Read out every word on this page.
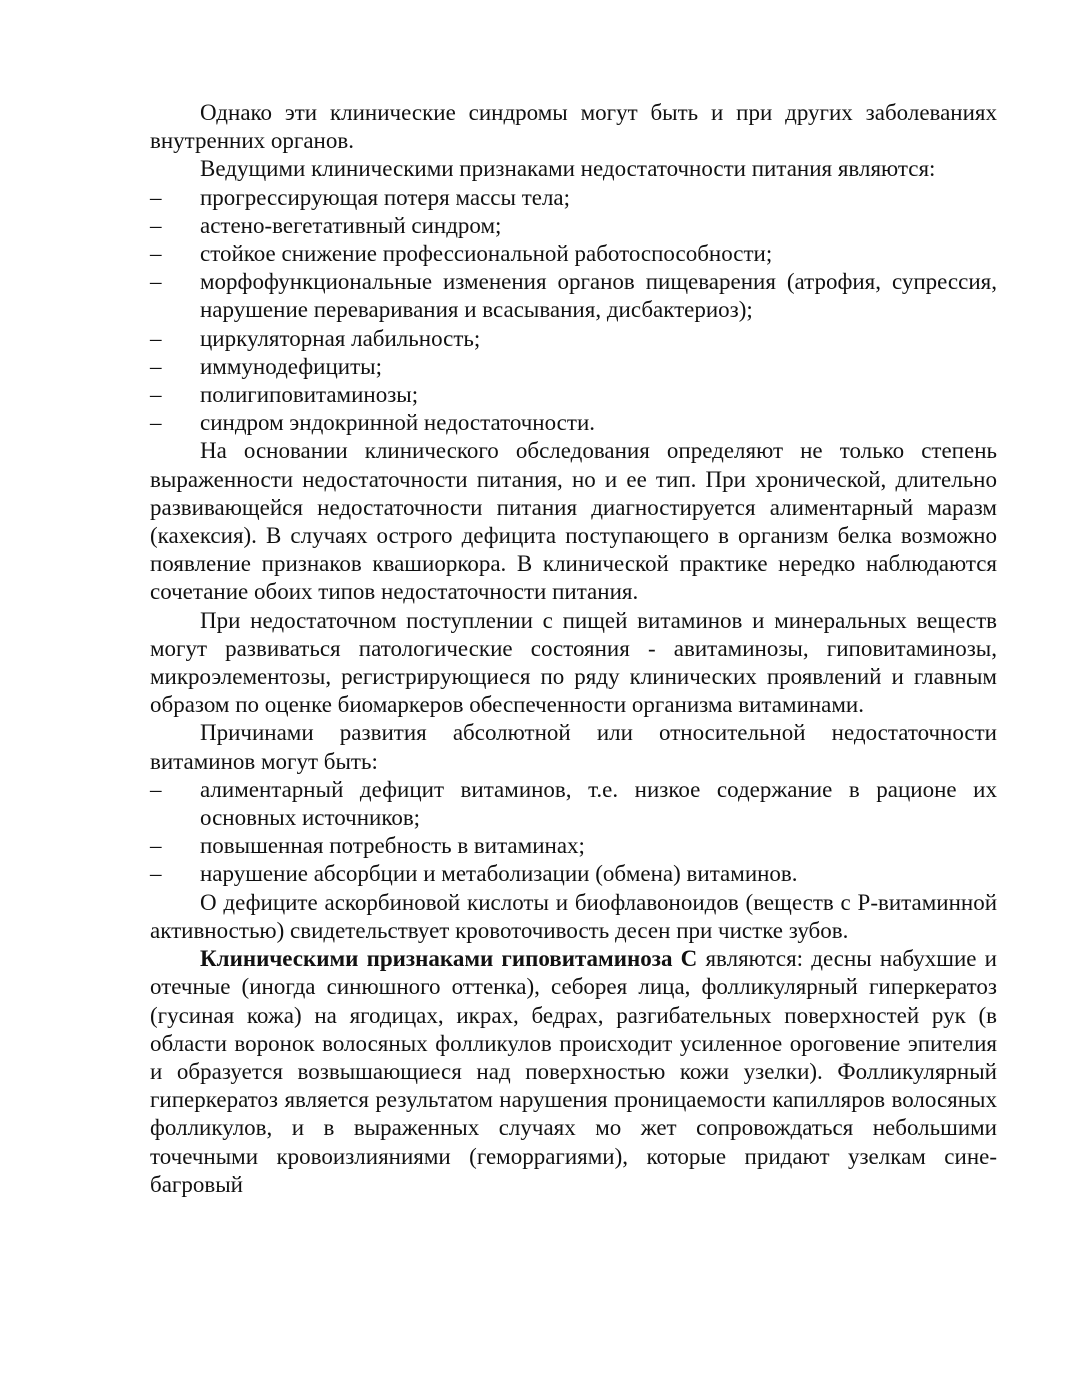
Однако эти клинические синдромы могут быть и при других заболеваниях внутренних органов.

Ведущими клиническими признаками недостаточности питания являются:

– прогрессирующая потеря массы тела;
– астено-вегетативный синдром;
– стойкое снижение профессиональной работоспособности;
– морфофункциональные изменения органов пищеварения (атрофия, супрессия, нарушение переваривания и всасывания, дисбактериоз);
– циркуляторная лабильность;
– иммунодефициты;
– полигиповитаминозы;
– синдром эндокринной недостаточности.

На основании клинического обследования определяют не только степень выраженности недостаточности питания, но и ее тип. При хронической, длительно развивающейся недостаточности питания диагностируется алиментарный маразм (кахексия). В случаях острого дефицита поступающего в организм белка возможно появление признаков квашиоркора. В клинической практике нередко наблюдаются сочетание обоих типов недостаточности питания.

При недостаточном поступлении с пищей витаминов и минеральных веществ могут развиваться патологические состояния - авитаминозы, гиповитаминозы, микроэлементозы, регистрирующиеся по ряду клинических проявлений и главным образом по оценке биомаркеров обеспеченности организма витаминами.

Причинами развития абсолютной или относительной недостаточности витаминов могут быть:

– алиментарный дефицит витаминов, т.е. низкое содержание в рационе их основных источников;
– повышенная потребность в витаминах;
– нарушение абсорбции и метаболизации (обмена) витаминов.

О дефиците аскорбиновой кислоты и биофлавоноидов (веществ с Р-витаминной активностью) свидетельствует кровоточивость десен при чистке зубов.

Клиническими признаками гиповитаминоза С являются: десны набухшие и отечные (иногда синюшного оттенка), себорея лица, фолликулярный гиперкератоз (гусиная кожа) на ягодицах, икрах, бедрах, разгибательных поверхностей рук (в области воронок волосяных фолликулов происходит усиленное ороговение эпителия и образуется возвышающиеся над поверхностью кожи узелки). Фолликулярный гиперкератоз является результатом нарушения проницаемости капилляров волосяных фолликулов, и в выраженных случаях мо жет сопровождаться небольшими точечными кровоизлияниями (геморрагиями), которые придают узелкам сине-багровый
